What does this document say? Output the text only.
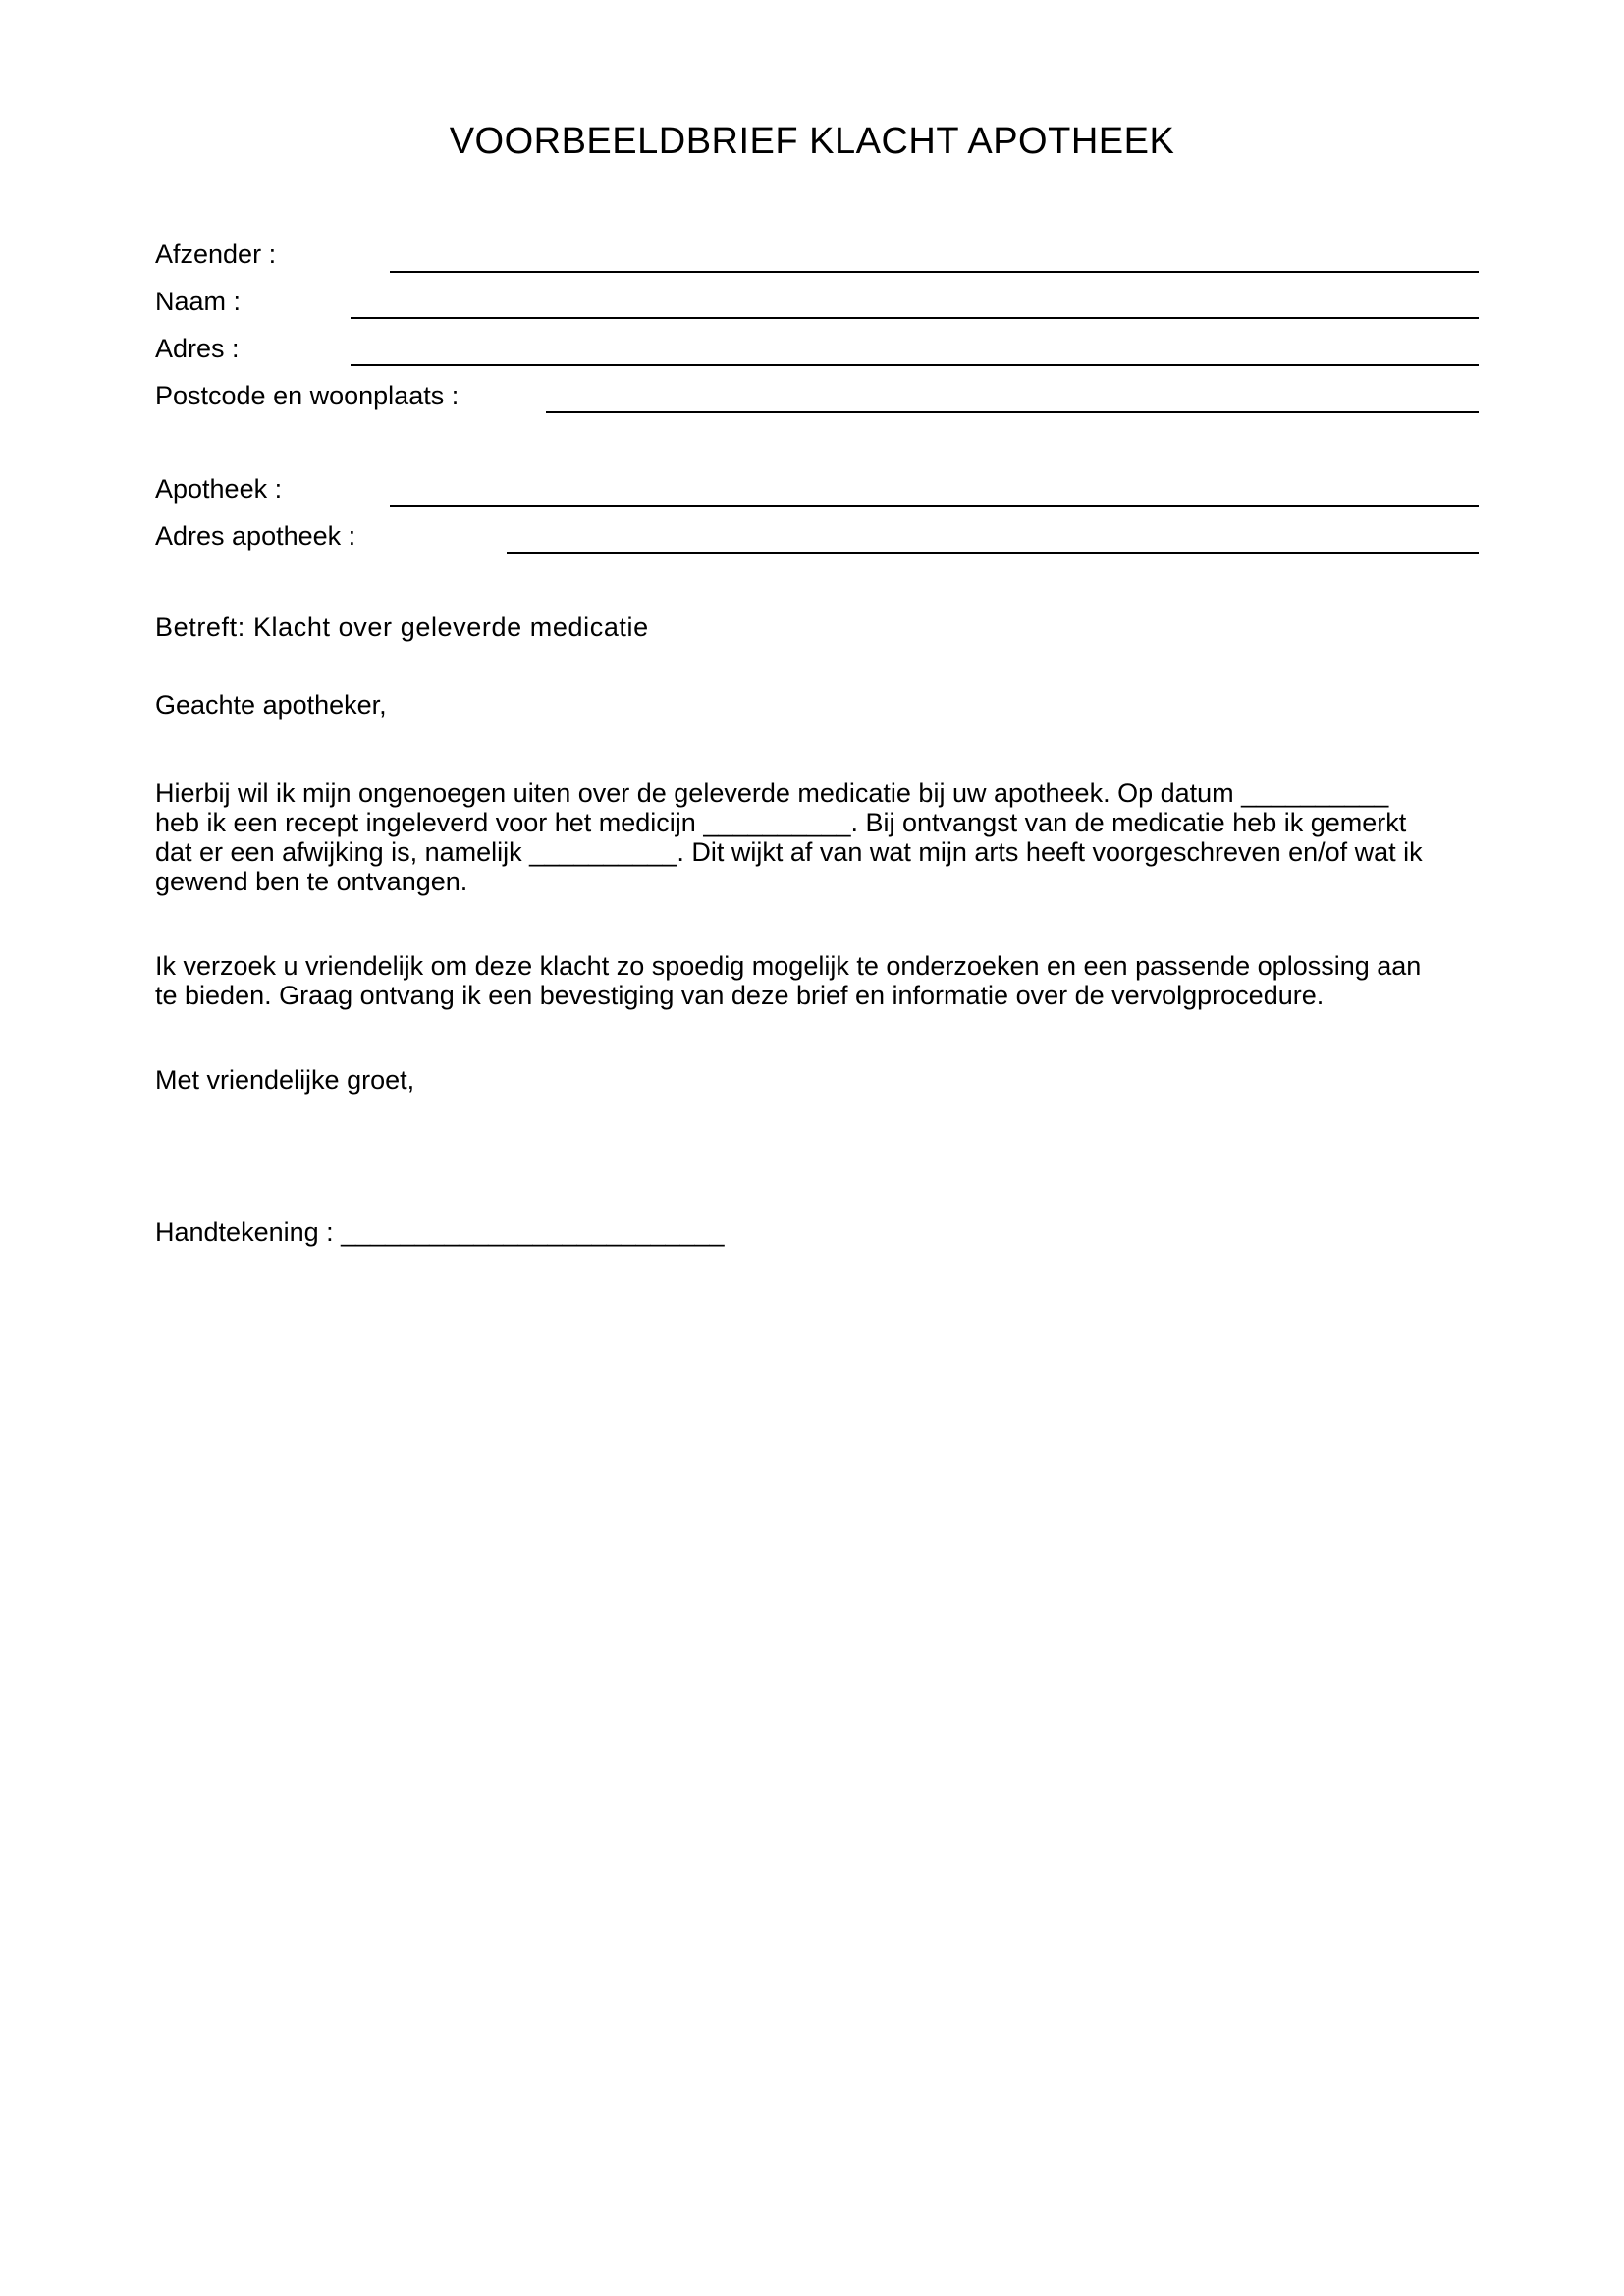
VOORBEELDBRIEF KLACHT APOTHEEK
Afzender :
Naam :
Adres :
Postcode en woonplaats :
Apotheek :
Adres apotheek :
Betreft: Klacht over geleverde medicatie
Geachte apotheker,
Hierbij wil ik mijn ongenoegen uiten over de geleverde medicatie bij uw apotheek. Op datum __________
heb ik een recept ingeleverd voor het medicijn __________. Bij ontvangst van de medicatie heb ik gemerkt
dat er een afwijking is, namelijk __________. Dit wijkt af van wat mijn arts heeft voorgeschreven en/of wat ik
gewend ben te ontvangen.
Ik verzoek u vriendelijk om deze klacht zo spoedig mogelijk te onderzoeken en een passende oplossing aan
te bieden. Graag ontvang ik een bevestiging van deze brief en informatie over de vervolgprocedure.
Met vriendelijke groet,
Handtekening : __________________________
